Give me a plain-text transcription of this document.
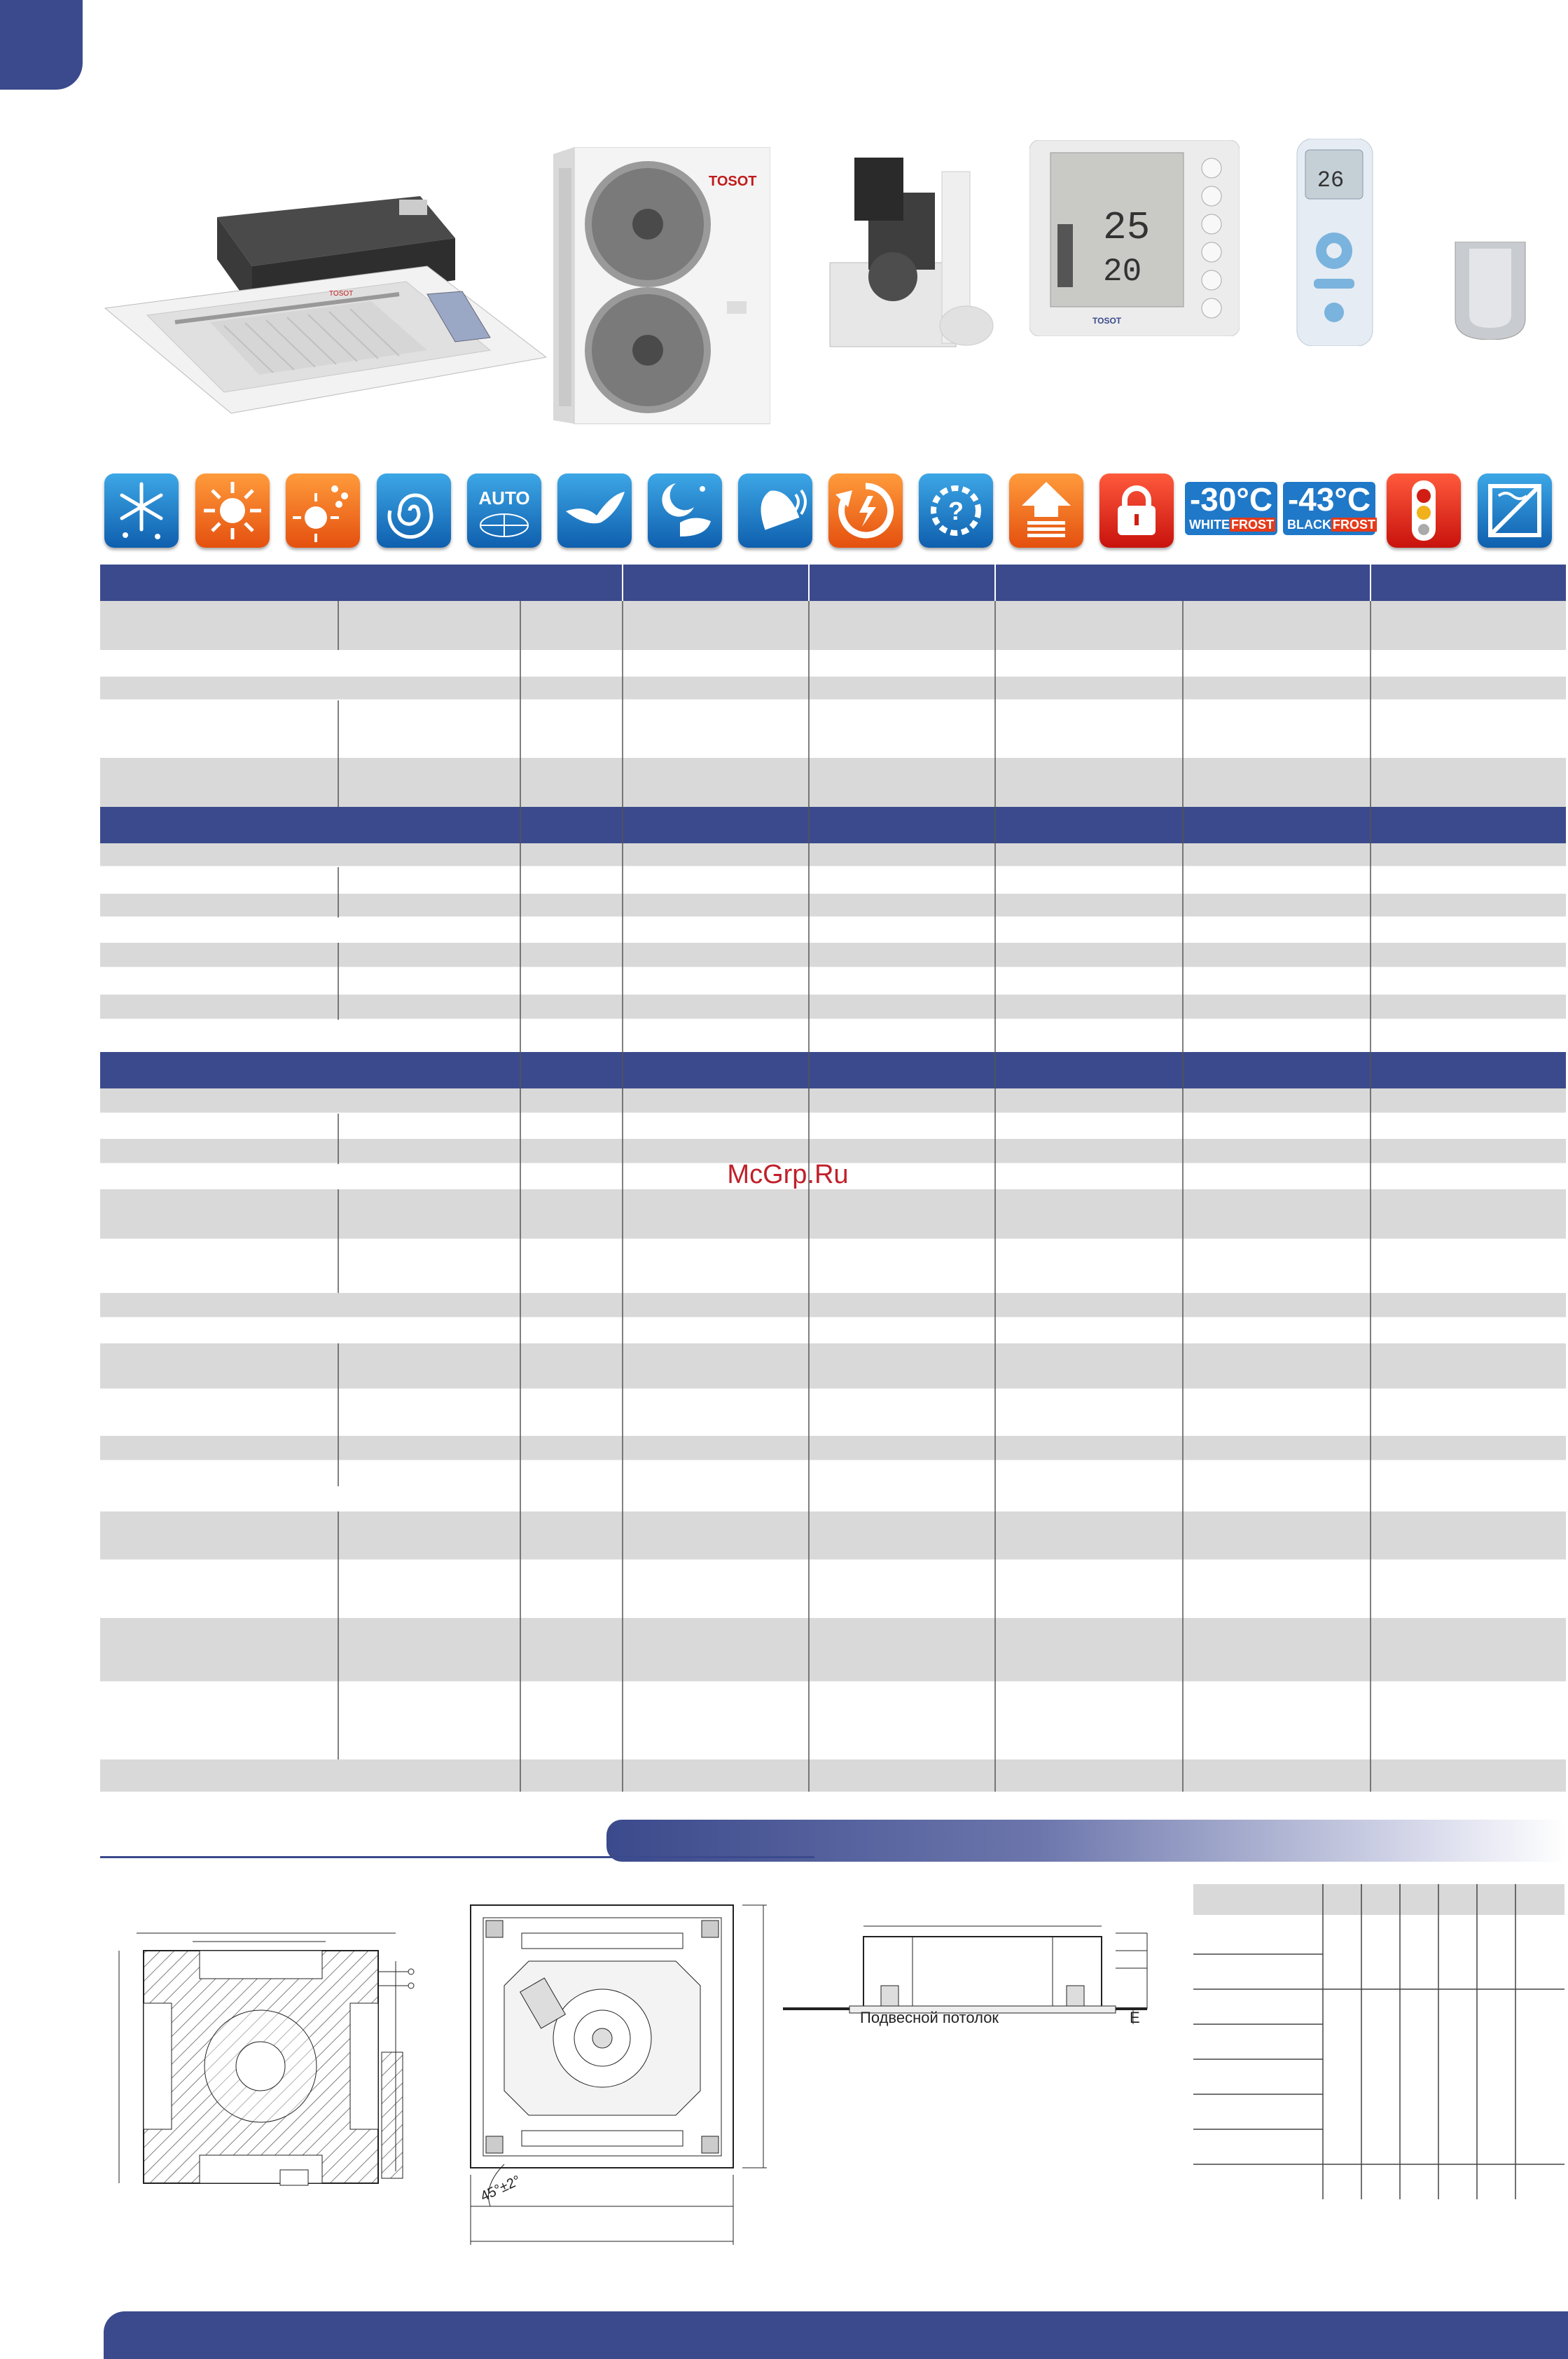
TOSOT
TOSOT
25
20
TOSOT
26
AUTO	?	-30°C
WHITE FROST
-43°C
BLACK FROST
McGrp.Ru
45°±2°
Подвесной потолок	E
